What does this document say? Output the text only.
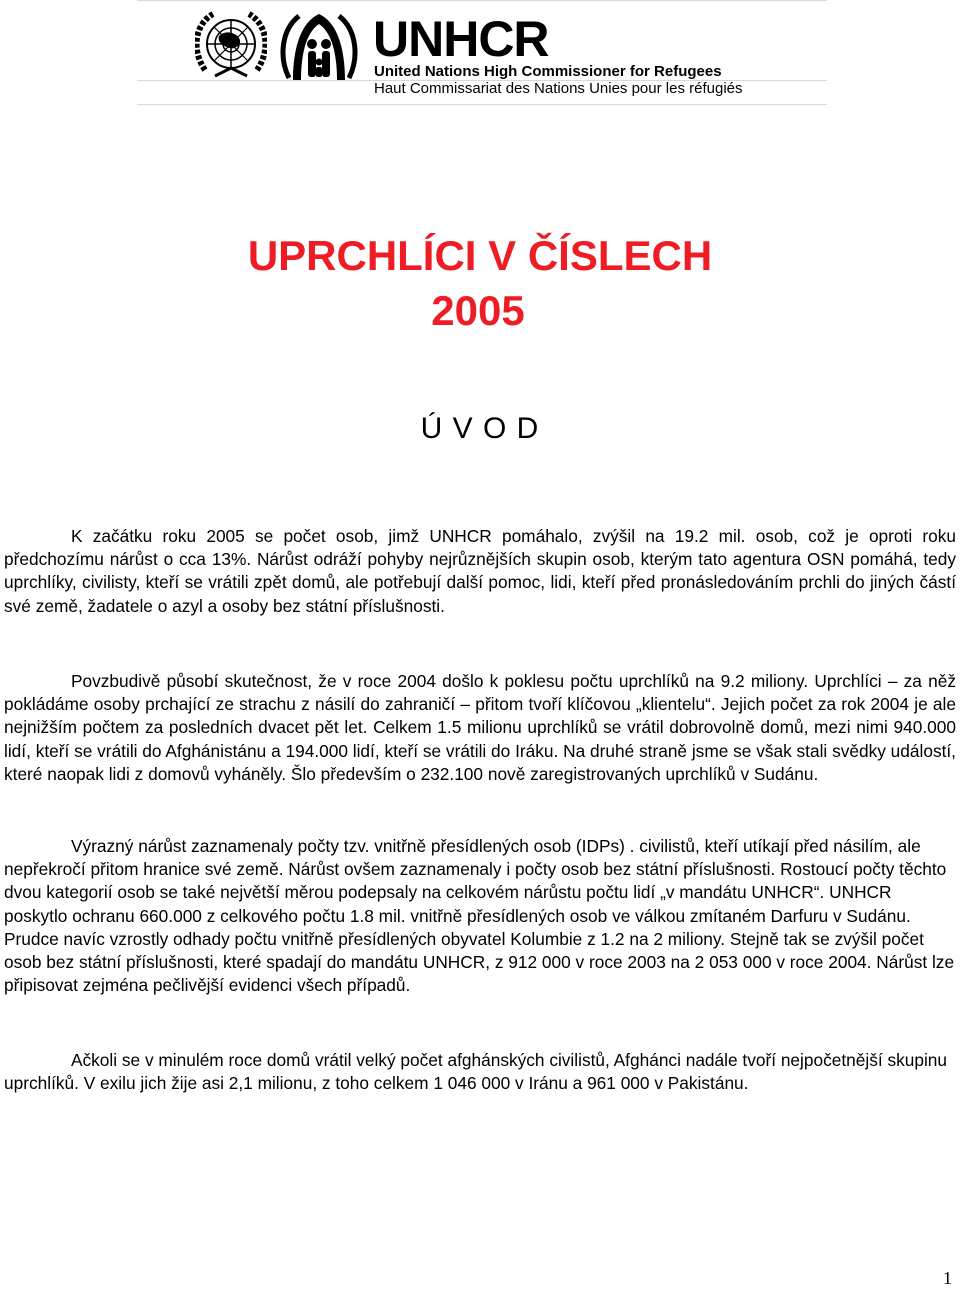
UNHCR
United Nations High Commissioner for Refugees
Haut Commissariat des Nations Unies pour les réfugiés
UPRCHLÍCI V ČÍSLECH
2005
Ú V O D

K začátku roku 2005 se počet osob, jimž UNHCR pomáhalo, zvýšil na 19.2 mil. osob, což je oproti roku předchozímu nárůst o cca 13%. Nárůst odráží pohyby nejrůznějších skupin osob, kterým tato agentura OSN pomáhá, tedy uprchlíky, civilisty, kteří se vrátili zpět domů, ale potřebují další pomoc, lidi, kteří před pronásledováním prchli do jiných částí své země, žadatele o azyl a osoby bez státní příslušnosti.

Povzbudivě působí skutečnost, že v roce 2004 došlo k poklesu počtu uprchlíků na 9.2 miliony. Uprchlíci – za něž pokládáme osoby prchající ze strachu z násilí do zahraničí – přitom tvoří klíčovou „klientelu“. Jejich počet za rok 2004 je ale nejnižším počtem za posledních dvacet pět let. Celkem 1.5 milionu uprchlíků se vrátil dobrovolně domů, mezi nimi 940.000 lidí, kteří se vrátili do Afghánistánu a 194.000 lidí, kteří se vrátili do Iráku. Na druhé straně jsme se však stali svědky událostí, které naopak lidi z domovů vyháněly. Šlo především o 232.100 nově zaregistrovaných uprchlíků v Sudánu.

Výrazný nárůst zaznamenaly počty tzv. vnitřně přesídlených osob (IDPs) . civilistů, kteří utíkají před násilím, ale nepřekročí přitom hranice své země. Nárůst ovšem zaznamenaly i počty osob bez státní příslušnosti. Rostoucí počty těchto dvou kategorií osob se také největší měrou podepsaly na celkovém nárůstu počtu lidí „v mandátu UNHCR“. UNHCR poskytlo ochranu 660.000 z celkového počtu 1.8 mil. vnitřně přesídlených osob ve válkou zmítaném Darfuru v Sudánu. Prudce navíc vzrostly odhady počtu vnitřně přesídlených obyvatel Kolumbie z 1.2 na 2 miliony. Stejně tak se zvýšil počet osob bez státní příslušnosti, které spadají do mandátu UNHCR, z 912 000 v roce 2003 na 2 053 000 v roce 2004. Nárůst lze připisovat zejména pečlivější evidenci všech případů.

Ačkoli se v minulém roce domů vrátil velký počet afghánských civilistů, Afghánci nadále tvoří nejpočetnější skupinu uprchlíků. V exilu jich žije asi 2,1 milionu, z toho celkem 1 046 000 v Iránu a 961 000 v Pakistánu.

1
